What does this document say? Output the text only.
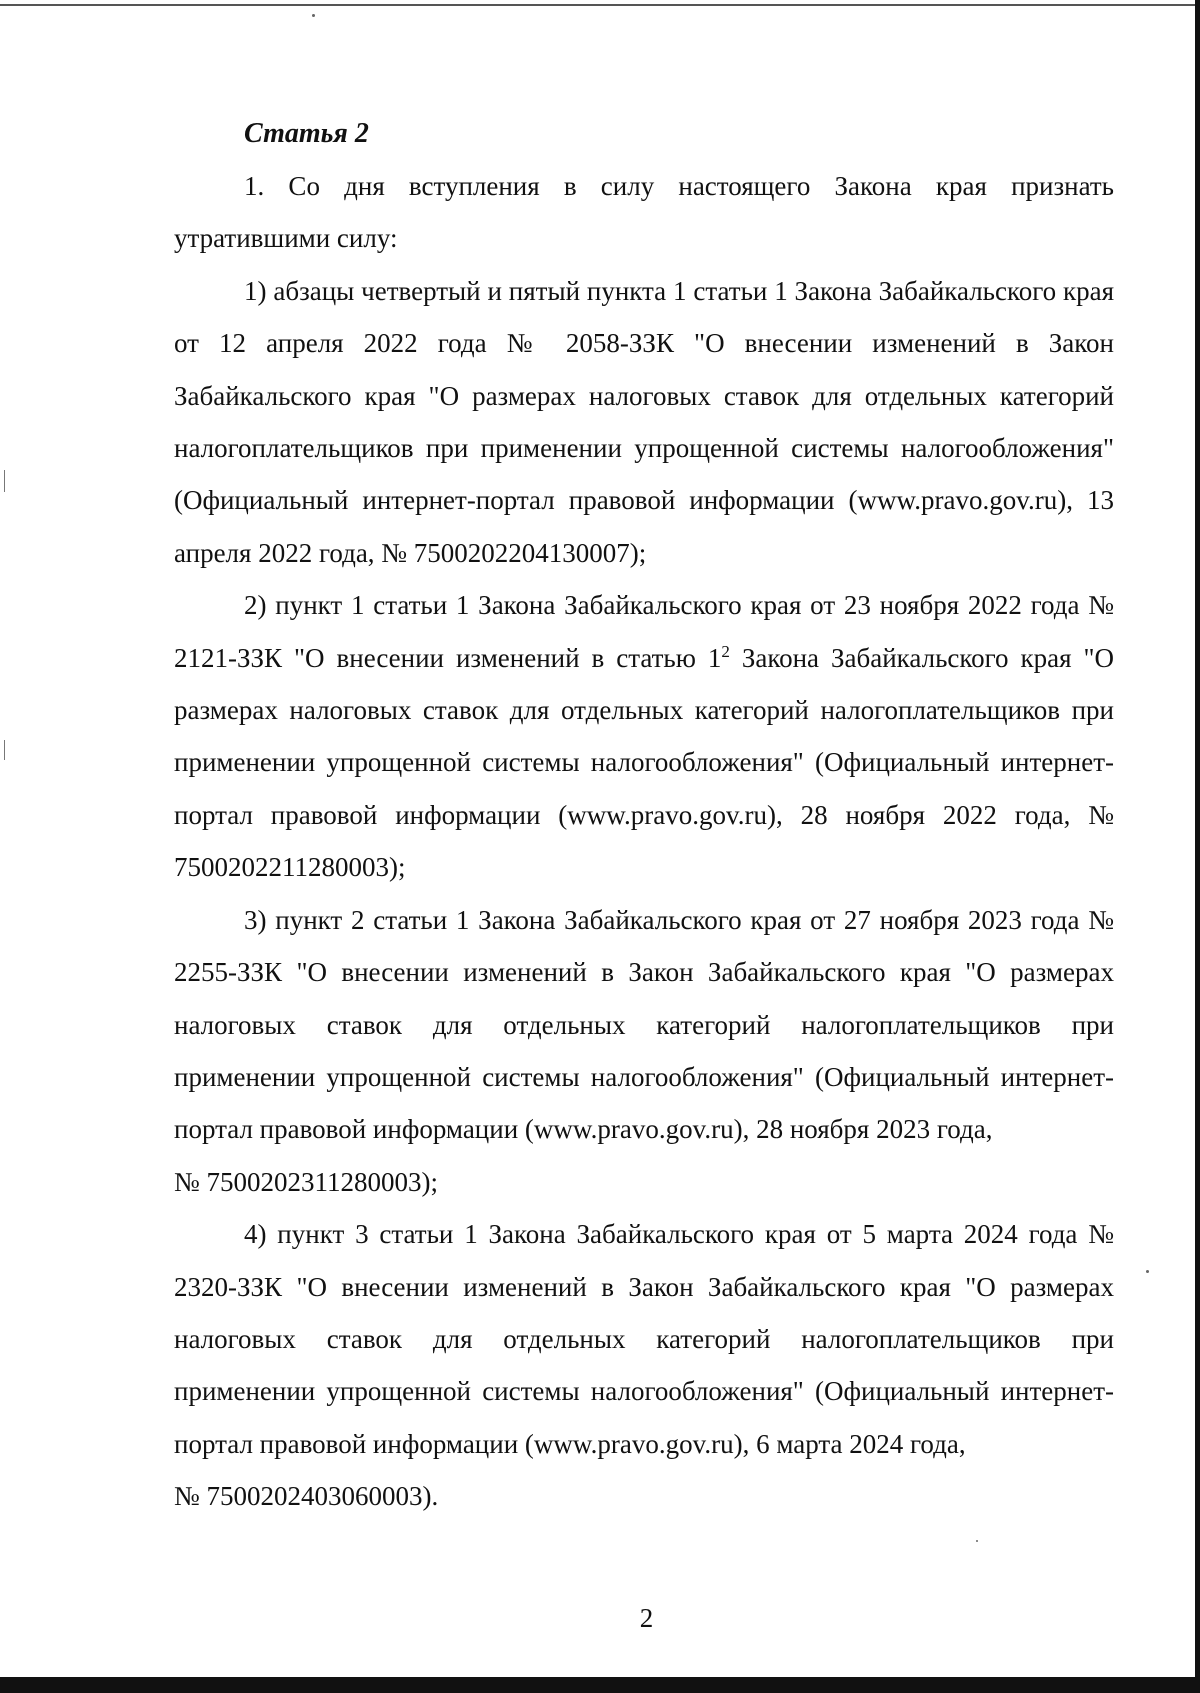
Статья 2

1. Со дня вступления в силу настоящего Закона края признать утратившими силу:

1) абзацы четвертый и пятый пункта 1 статьи 1 Закона Забайкальского края от 12 апреля 2022 года № 2058-ЗЗК "О внесении изменений в Закон Забайкальского края "О размерах налоговых ставок для отдельных категорий налогоплательщиков при применении упрощенной системы налогообложения" (Официальный интернет-портал правовой информации (www.pravo.gov.ru), 13 апреля 2022 года, № 7500202204130007);

2) пункт 1 статьи 1 Закона Забайкальского края от 23 ноября 2022 года № 2121-ЗЗК "О внесении изменений в статью $1^2$ Закона Забайкальского края "О размерах налоговых ставок для отдельных категорий налогоплательщиков при применении упрощенной системы налогообложения" (Официальный интернет-портал правовой информации (www.pravo.gov.ru), 28 ноября 2022 года, № 7500202211280003);

3) пункт 2 статьи 1 Закона Забайкальского края от 27 ноября 2023 года № 2255-ЗЗК "О внесении изменений в Закон Забайкальского края "О размерах налоговых ставок для отдельных категорий налогоплательщиков при применении упрощенной системы налогообложения" (Официальный интернет-портал правовой информации (www.pravo.gov.ru), 28 ноября 2023 года,

№ 7500202311280003);

4) пункт 3 статьи 1 Закона Забайкальского края от 5 марта 2024 года № 2320-ЗЗК "О внесении изменений в Закон Забайкальского края "О размерах налоговых ставок для отдельных категорий налогоплательщиков при применении упрощенной системы налогообложения" (Официальный интернет-портал правовой информации (www.pravo.gov.ru), 6 марта 2024 года,

№ 7500202403060003).

2
